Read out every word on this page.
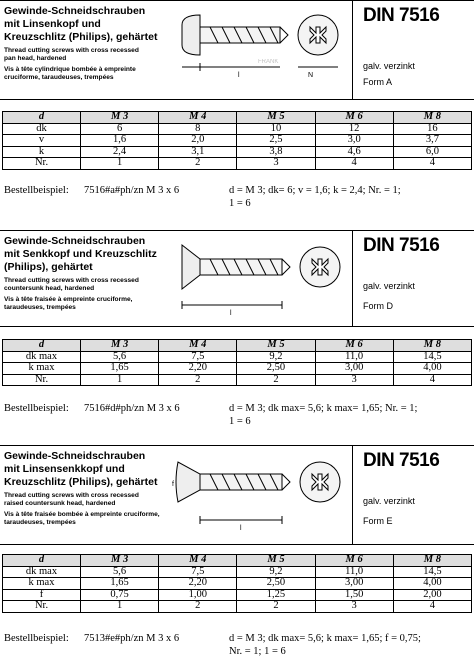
Gewinde-Schneidschrauben
mit Linsenkopf und
Kreuzschlitz (Philips), gehärtet
Thread cutting screws with cross recessed
pan head, hardened
Vis à tête cylindrique bombée à empreinte
cruciforme, taraudeuses, trempées	l	N
FRANK
DIN 7516
galv. verzinkt
Form A
d	M 3	M 4	M 5	M 6	M 8
dk	6	8	10	12	16
v	1,6	2,0	2,5	3,0	3,7
k	2,4	3,1	3,8	4,6	6,0
Nr.	1	2	3	4	4
Bestellbeispiel: 7516#a#ph/zn M 3 x 6	d = M 3; dk= 6; v = 1,6; k = 2,4; Nr. = 1;
1 = 6
Gewinde-Schneidschrauben
mit Senkkopf und Kreuzschlitz
(Philips), gehärtet
Thread cutting screws with cross recessed
countersunk head, hardened
Vis à tête fraisée à empreinte cruciforme,
taraudeuses, trempées
l
DIN 7516
galv. verzinkt
Form D
d	M 3	M 4	M 5	M 6	M 8
dk max	5,6	7,5	9,2	11,0	14,5
k max	1,65	2,20	2,50	3,00	4,00
Nr.	1	2	2	3	4
Bestellbeispiel: 7516#d#ph/zn M 3 x 6	d = M 3; dk max= 5,6; k max= 1,65; Nr. = 1;
1 = 6
Gewinde-Schneidschrauben
mit Linsensenkkopf und
Kreuzschlitz (Philips), gehärtet
Thread cutting screws with cross recessed
raised countersunk head, hardened
Vis à tête fraisée bombée à empreinte cruciforme,
taraudeuses, trempées
l
f
DIN 7516
galv. verzinkt
Form E
d	M 3	M 4	M 5	M 6	M 8
dk max	5,6	7,5	9,2	11,0	14,5
k max	1,65	2,20	2,50	3,00	4,00
f	0,75	1,00	1,25	1,50	2,00
Nr.	1	2	2	3	4
Bestellbeispiel: 7513#e#ph/zn M 3 x 6	d = M 3; dk max= 5,6; k max= 1,65; f = 0,75;
Nr. = 1; 1 = 6
